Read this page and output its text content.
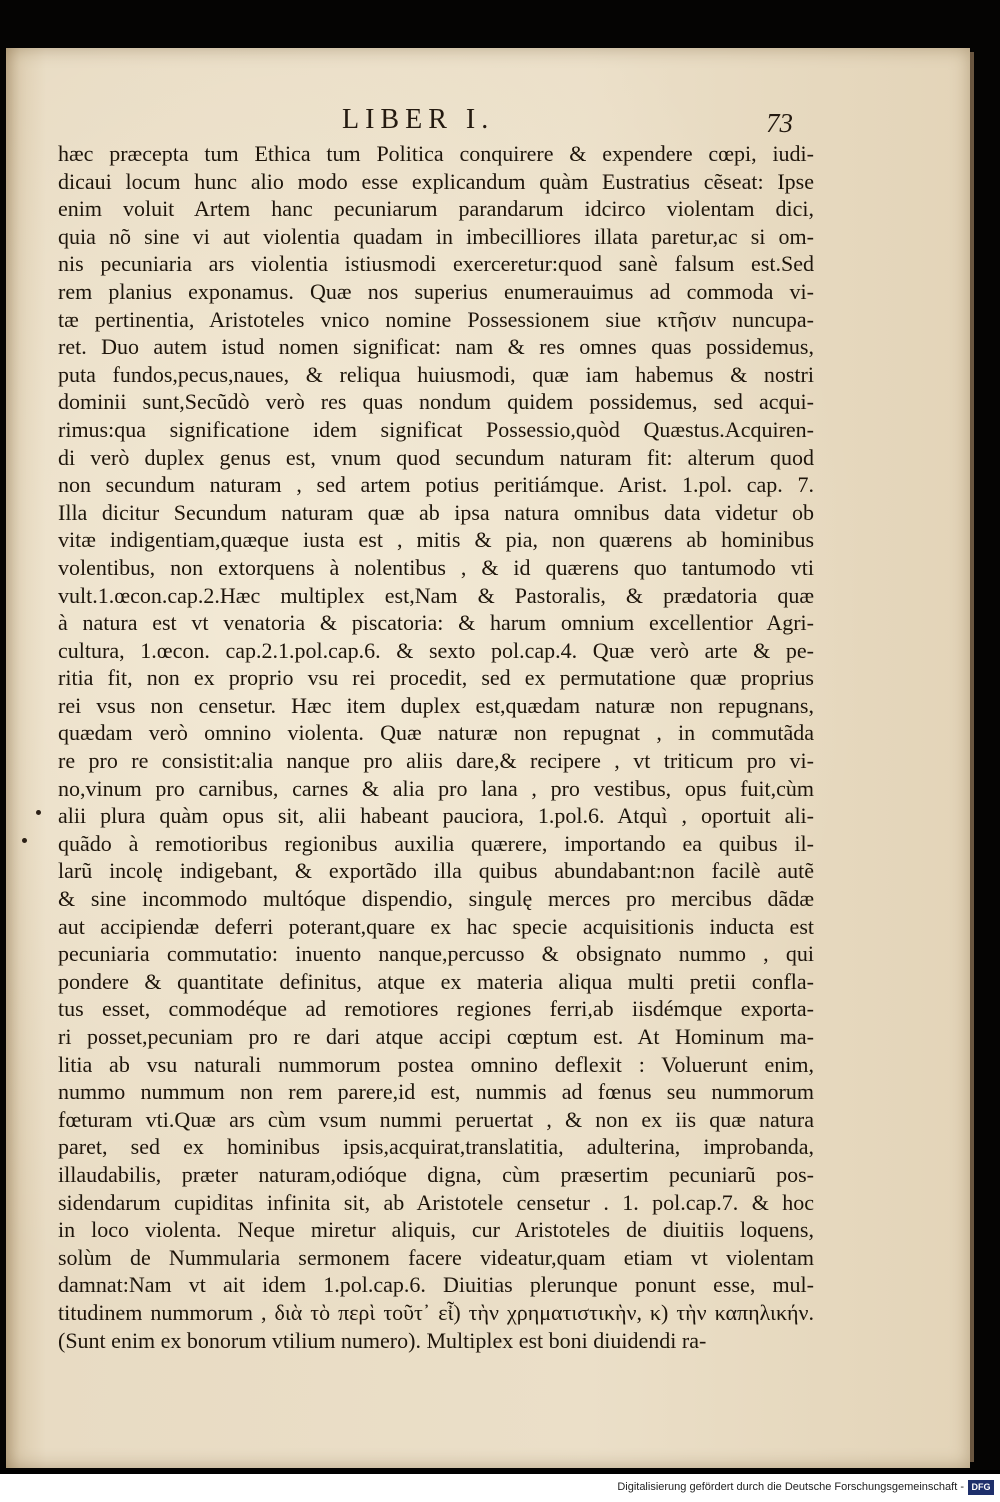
LIBER I.	73
hæc præcepta tum Ethica tum Politica conquirere & expendere cœpi, iudi-
dicaui locum hunc alio modo esse explicandum quàm Eustratius cẽseat: Ipse
enim voluit Artem hanc pecuniarum parandarum idcirco violentam dici,
quia nõ sine vi aut violentia quadam in imbecilliores illata paretur,ac si om-
nis pecuniaria ars violentia istiusmodi exerceretur:quod sanè falsum est.Sed
rem planius exponamus. Quæ nos superius enumerauimus ad commoda vi-
tæ pertinentia, Aristoteles vnico nomine Possessionem siue κτῆσιν nuncupa-
ret. Duo autem istud nomen significat: nam & res omnes quas possidemus,
puta fundos,pecus,naues, & reliqua huiusmodi, quæ iam habemus & nostri
dominii sunt,Secũdò verò res quas nondum quidem possidemus, sed acqui-
rimus:qua significatione idem significat Possessio,quòd Quæstus.Acquiren-
di verò duplex genus est, vnum quod secundum naturam fit: alterum quod
non secundum naturam , sed artem potius peritiámque. Arist. 1.pol. cap. 7.
Illa dicitur Secundum naturam quæ ab ipsa natura omnibus data videtur ob
vitæ indigentiam,quæque iusta est , mitis & pia, non quærens ab hominibus
volentibus, non extorquens à nolentibus , & id quærens quo tantumodo vti
vult.1.œcon.cap.2.Hæc multiplex est,Nam & Pastoralis, & prædatoria quæ
à natura est vt venatoria & piscatoria: & harum omnium excellentior Agri-
cultura, 1.œcon. cap.2.1.pol.cap.6. & sexto pol.cap.4. Quæ verò arte & pe-
ritia fit, non ex proprio vsu rei procedit, sed ex permutatione quæ proprius
rei vsus non censetur. Hæc item duplex est,quædam naturæ non repugnans,
quædam verò omnino violenta. Quæ naturæ non repugnat , in commutãda
re pro re consistit:alia nanque pro aliis dare,& recipere , vt triticum pro vi-
no,vinum pro carnibus, carnes & alia pro lana , pro vestibus, opus fuit,cùm
alii plura quàm opus sit, alii habeant pauciora, 1.pol.6. Atquì , oportuit ali-
quãdo à remotioribus regionibus auxilia quærere, importando ea quibus il-
larũ incolę indigebant, & exportãdo illa quibus abundabant:non facilè autẽ
& sine incommodo multóque dispendio, singulę merces pro mercibus dãdæ
aut accipiendæ deferri poterant,quare ex hac specie acquisitionis inducta est
pecuniaria commutatio: inuento nanque,percusso & obsignato nummo , qui
pondere & quantitate definitus, atque ex materia aliqua multi pretii confla-
tus esset, commodéque ad remotiores regiones ferri,ab iisdémque exporta-
ri posset,pecuniam pro re dari atque accipi cœptum est. At Hominum ma-
litia ab vsu naturali nummorum postea omnino deflexit : Voluerunt enim,
nummo nummum non rem parere,id est, nummis ad fœnus seu nummorum
fœturam vti.Quæ ars cùm vsum nummi peruertat , & non ex iis quæ natura
paret, sed ex hominibus ipsis,acquirat,translatitia, adulterina, improbanda,
illaudabilis, præter naturam,odióque digna, cùm præsertim pecuniarũ pos-
sidendarum cupiditas infinita sit, ab Aristotele censetur . 1. pol.cap.7. & hoc
in loco violenta. Neque miretur aliquis, cur Aristoteles de diuitiis loquens,
solùm de Nummularia sermonem facere videatur,quam etiam vt violentam
damnat:Nam vt ait idem 1.pol.cap.6. Diuitias plerunque ponunt esse, mul-
titudinem nummorum , διὰ τὸ περὶ τοῦτ᾽ εἶ) τὴν χρηματιστικὴν, κ) τὴν καπηλικήν.
(Sunt enim ex bonorum vtilium numero). Multiplex est boni diuidendi ra-
Digitalisierung gefördert durch die Deutsche Forschungsgemeinschaft - DFG
